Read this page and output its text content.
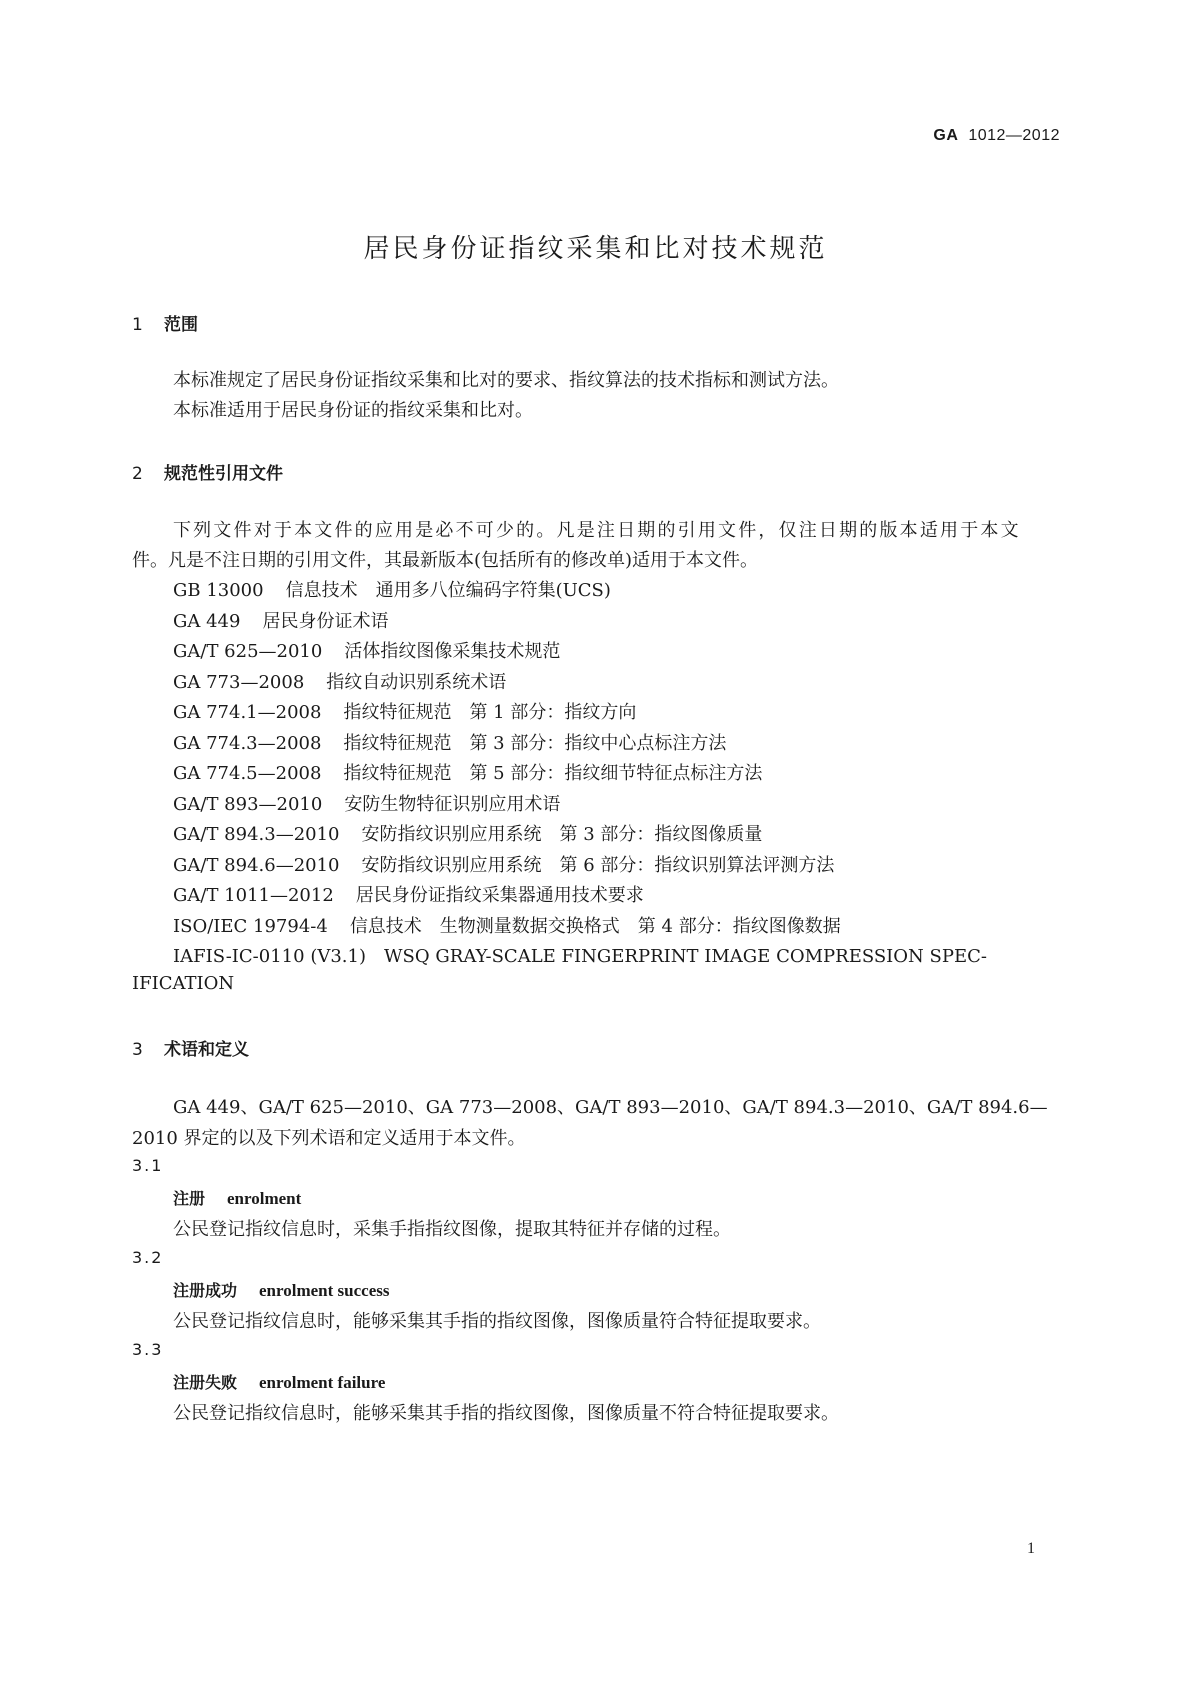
GA 1012—2012
居民身份证指纹采集和比对技术规范
1 范围
本标准规定了居民身份证指纹采集和比对的要求、指纹算法的技术指标和测试方法。
本标准适用于居民身份证的指纹采集和比对。
2 规范性引用文件
下列文件对于本文件的应用是必不可少的。凡是注日期的引用文件，仅注日期的版本适用于本文
件。凡是不注日期的引用文件，其最新版本(包括所有的修改单)适用于本文件。
GB 13000 信息技术　通用多八位编码字符集(UCS)
GA 449 居民身份证术语
GA/T 625—2010 活体指纹图像采集技术规范
GA 773—2008 指纹自动识别系统术语
GA 774.1—2008 指纹特征规范　第 1 部分：指纹方向
GA 774.3—2008 指纹特征规范　第 3 部分：指纹中心点标注方法
GA 774.5—2008 指纹特征规范　第 5 部分：指纹细节特征点标注方法
GA/T 893—2010 安防生物特征识别应用术语
GA/T 894.3—2010 安防指纹识别应用系统　第 3 部分：指纹图像质量
GA/T 894.6—2010 安防指纹识别应用系统　第 6 部分：指纹识别算法评测方法
GA/T 1011—2012 居民身份证指纹采集器通用技术要求
ISO/IEC 19794-4 信息技术　生物测量数据交换格式　第 4 部分：指纹图像数据
IAFIS-IC-0110 (V3.1)　WSQ GRAY-SCALE FINGERPRINT IMAGE COMPRESSION SPEC-
IFICATION
3 术语和定义
GA 449、GA/T 625—2010、GA 773—2008、GA/T 893—2010、GA/T 894.3—2010、GA/T 894.6—
2010 界定的以及下列术语和定义适用于本文件。
3.1
注册 enrolment
公民登记指纹信息时，采集手指指纹图像，提取其特征并存储的过程。
3.2
注册成功 enrolment success
公民登记指纹信息时，能够采集其手指的指纹图像，图像质量符合特征提取要求。
3.3
注册失败 enrolment failure
公民登记指纹信息时，能够采集其手指的指纹图像，图像质量不符合特征提取要求。
1
